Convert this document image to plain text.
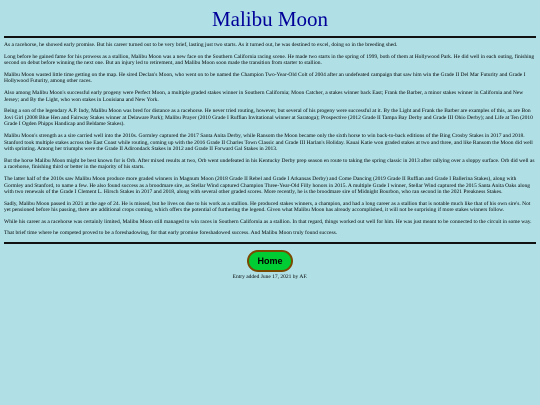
Malibu Moon

As a racehorse, he showed early promise. But his career turned out to be very brief, lasting just two starts. As it turned out, he was destined to excel, doing so in the breeding shed.

Long before he gained fame for his prowess as a stallion, Malibu Moon was a new face on the Southern California racing scene. He made two starts in the spring of 1999, both of them at Hollywood Park. He did well in each outing, finishing second on debut before winning the next one. But an injury led to retirement, and Malibu Moon soon made the transition from starter to stallion.

Malibu Moon wasted little time getting on the map. He sired Declan's Moon, who went on to be named the Champion Two-Year-Old Colt of 2004 after an undefeated campaign that saw him win the Grade II Del Mar Futurity and Grade I Hollywood Futurity, among other races.

Also among Malibu Moon's successful early progeny were Perfect Moon, a multiple graded stakes winner in Southern California; Moon Catcher, a stakes winner back East; Frank the Barber, a minor stakes winner in California and New Jersey; and By the Light, who won stakes in Louisiana and New York.

Being a son of the legendary A.P. Indy, Malibu Moon was bred for distance as a racehorse. He never tried routing, however, but several of his progeny were successful at it. By the Light and Frank the Barber are examples of this, as are Bon Jovi Girl (2008 Blue Hen and Fairway Stakes winner at Delaware Park); Malibu Prayer (2010 Grade I Ruffian Invitational winner at Saratoga); Prospective (2012 Grade II Tampa Bay Derby and Grade III Ohio Derby); and Life at Ten (2010 Grade I Ogden Phipps Handicap and Beldame Stakes).

Malibu Moon's strength as a sire carried well into the 2010s. Gormley captured the 2017 Santa Anita Derby, while Ransom the Moon became only the sixth horse to win back-to-back editions of the Bing Crosby Stakes in 2017 and 2018. Stanford took multiple stakes across the East Coast while routing, coming up with the 2016 Grade II Charles Town Classic and Grade III Harlan's Holiday. Kauai Katie won graded stakes at two and three, and like Ransom the Moon did well with sprinting. Among her triumphs were the Grade II Adirondack Stakes in 2012 and Grade II Forward Gal Stakes in 2013.

But the horse Malibu Moon might be best known for is Orb. After mixed results at two, Orb went undefeated in his Kentucky Derby prep season en route to taking the spring classic in 2013 after rallying over a sloppy surface. Orb did well as a racehorse, finishing third or better in the majority of his starts.

The latter half of the 2010s saw Malibu Moon produce more graded winners in Magnum Moon (2018 Grade II Rebel and Grade I Arkansas Derby) and Come Dancing (2019 Grade II Ruffian and Grade I Ballerina Stakes), along with Gormley and Stanford, to name a few. He also found success as a broodmare sire, as Stellar Wind captured Champion Three-Year-Old Filly honors in 2015. A multiple Grade I winner, Stellar Wind captured the 2015 Santa Anita Oaks along with two renewals of the Grade I Clement L. Hirsch Stakes in 2017 and 2018, along with several other graded scores. More recently, he is the broodmare sire of Midnight Bourbon, who ran second in the 2021 Preakness Stakes.

Sadly, Malibu Moon passed in 2021 at the age of 24. He is missed, but he lives on due to his work as a stallion. He produced stakes winners, a champion, and had a long career as a stallion that is notable much like that of his own sire's. Not yet pensioned before his passing, there are additional crops coming, which offers the potential of furthering the legend. Given what Malibu Moon has already accomplished, it will not be surprising if more stakes winners follow.

While his career as a racehorse was certainly limited, Malibu Moon still managed to win races in Southern California as a stallion. In that regard, things worked out well for him. He was just meant to be connected to the circuit in some way.

That brief time where he competed proved to be a foreshadowing, for that early promise foreshadowed success. And Malibu Moon truly found success.

Home
Entry added June 17, 2021 by AF.
